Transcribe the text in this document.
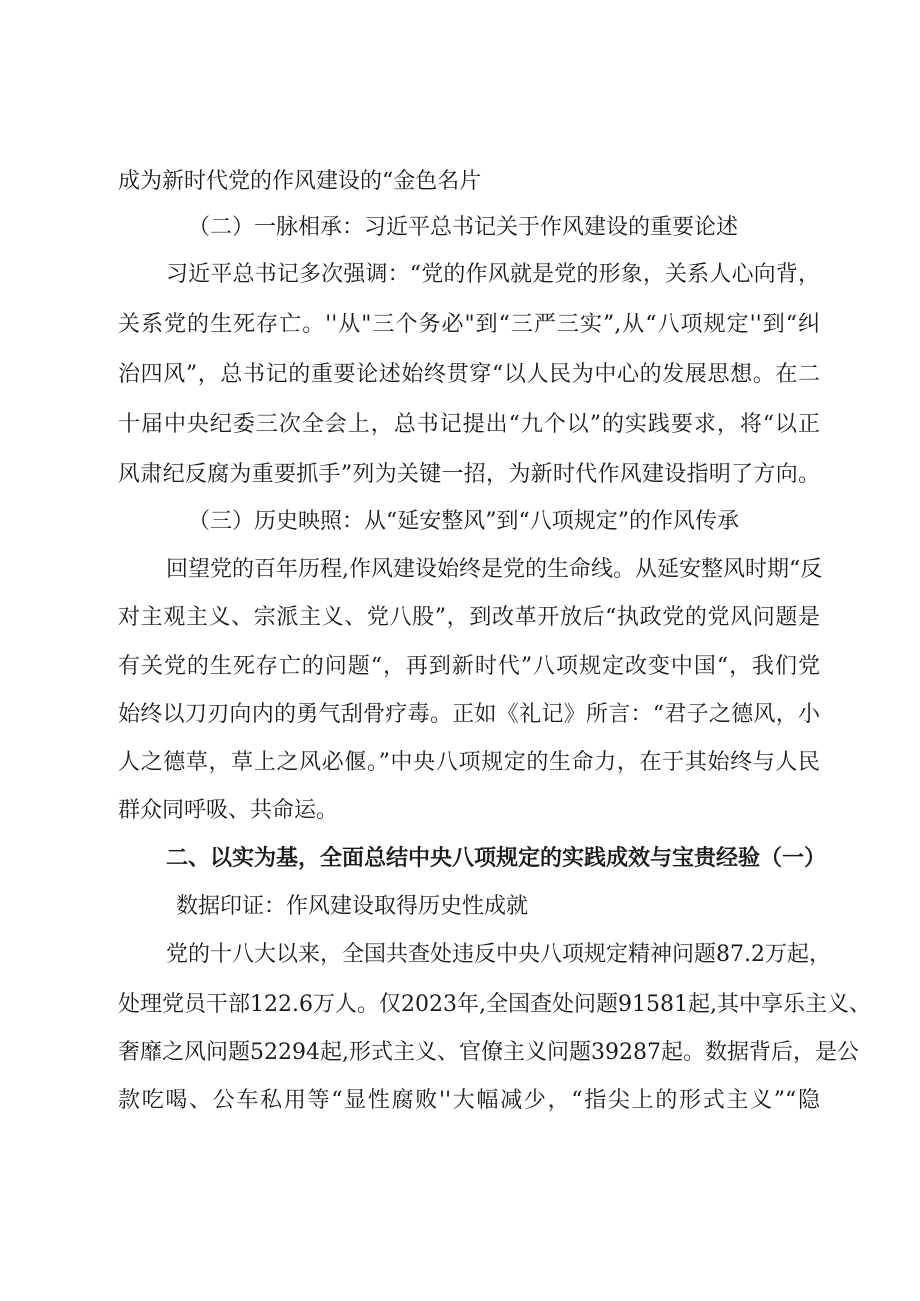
成为新时代党的作风建设的“金色名片
（二）一脉相承：习近平总书记关于作风建设的重要论述
习近平总书记多次强调：“党的作风就是党的形象，关系人心向背，
关系党的生死存亡。''从"三个务必"到“三严三实”,从“八项规定''到“纠
治四风”，总书记的重要论述始终贯穿“以人民为中心的发展思想。在二
十届中央纪委三次全会上，总书记提出“九个以”的实践要求，将“以正
风肃纪反腐为重要抓手”列为关键一招，为新时代作风建设指明了方向。
（三）历史映照：从“延安整风”到“八项规定”的作风传承
回望党的百年历程,作风建设始终是党的生命线。从延安整风时期“反
对主观主义、宗派主义、党八股”，到改革开放后“执政党的党风问题是
有关党的生死存亡的问题“，再到新时代”八项规定改变中国“，我们党
始终以刀刃向内的勇气刮骨疗毒。正如《礼记》所言：“君子之德风，小
人之德草，草上之风必偃。”中央八项规定的生命力，在于其始终与人民
群众同呼吸、共命运。
二、以实为基，全面总结中央八项规定的实践成效与宝贵经验（一）
数据印证：作风建设取得历史性成就
党的十八大以来，全国共查处违反中央八项规定精神问题87.2万起，
处理党员干部122.6万人。仅2023年,全国查处问题91581起,其中享乐主义、
奢靡之风问题52294起,形式主义、官僚主义问题39287起。数据背后，是公
款吃喝、公车私用等“显性腐败''大幅减少，“指尖上的形式主义”“隐
